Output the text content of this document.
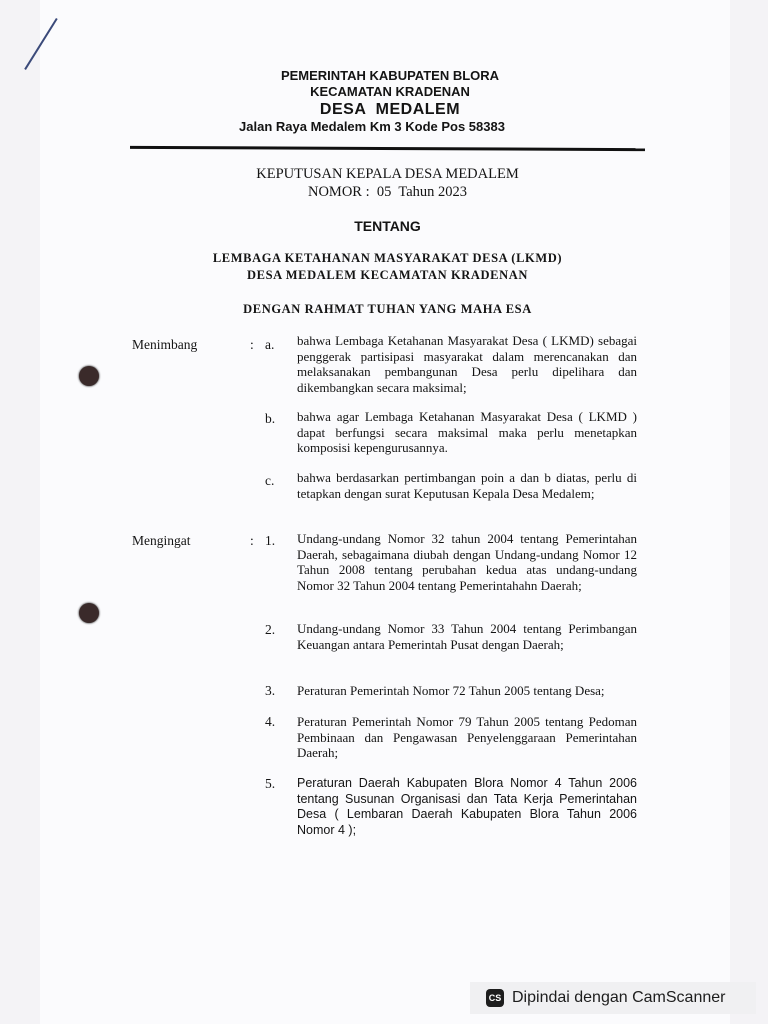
PEMERINTAH KABUPATEN BLORA
KECAMATAN KRADENAN
DESA  MEDALEM
Jalan Raya Medalem Km 3 Kode Pos 58383
KEPUTUSAN KEPALA DESA MEDALEM
NOMOR :  05  Tahun 2023
TENTANG
LEMBAGA KETAHANAN MASYARAKAT DESA (LKMD)
DESA MEDALEM KECAMATAN KRADENAN
DENGAN RAHMAT TUHAN YANG MAHA ESA
Menimbang	: a. bahwa Lembaga Ketahanan Masyarakat Desa ( LKMD) sebagai penggerak partisipasi masyarakat dalam merencanakan dan melaksanakan pembangunan Desa perlu dipelihara dan dikembangkan secara maksimal;
b. bahwa agar Lembaga Ketahanan Masyarakat Desa ( LKMD ) dapat berfungsi secara maksimal maka perlu menetapkan komposisi kepengurusannya.
c. bahwa berdasarkan pertimbangan poin a dan b diatas, perlu di tetapkan dengan surat Keputusan Kepala Desa Medalem;
Mengingat	: 1. Undang-undang Nomor 32 tahun 2004 tentang Pemerintahan Daerah, sebagaimana diubah dengan Undang-undang Nomor 12 Tahun 2008 tentang perubahan kedua atas undang-undang Nomor 32 Tahun 2004 tentang Pemerintahahn Daerah;
2. Undang-undang Nomor 33 Tahun 2004 tentang Perimbangan Keuangan antara Pemerintah Pusat dengan Daerah;
3. Peraturan Pemerintah Nomor 72 Tahun 2005 tentang Desa;
4. Peraturan Pemerintah Nomor 79 Tahun 2005 tentang Pedoman Pembinaan dan Pengawasan Penyelenggaraan Pemerintahan Daerah;
5. Peraturan Daerah Kabupaten Blora Nomor 4 Tahun 2006 tentang Susunan Organisasi dan Tata Kerja Pemerintahan Desa ( Lembaran Daerah Kabupaten Blora Tahun 2006 Nomor 4 );
CS Dipindai dengan CamScanner
